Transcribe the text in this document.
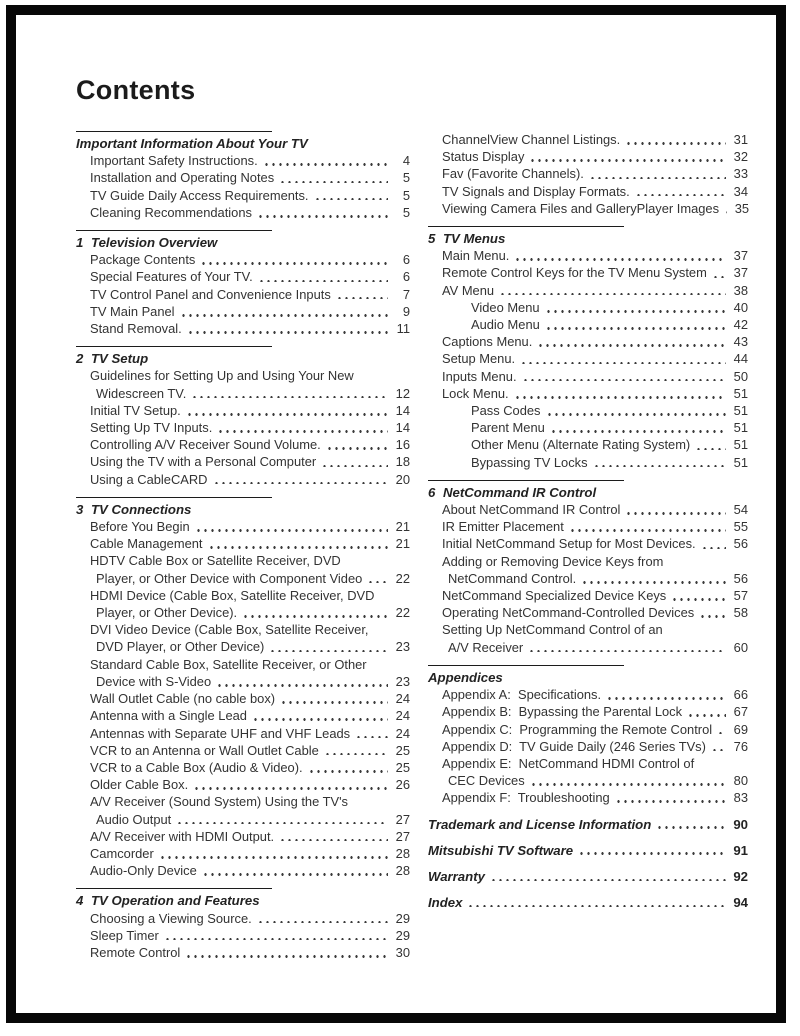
Contents
Important Information About Your TV
Important Safety Instructions.	4
Installation and Operating Notes	5
TV Guide Daily Access Requirements.	5
Cleaning Recommendations	5
1 Television Overview
Package Contents	6
Special Features of Your TV.	6
TV Control Panel and Convenience Inputs	7
TV Main Panel	9
Stand Removal.	11
2 TV Setup
Guidelines for Setting Up and Using Your New
Widescreen TV.	12
Initial TV Setup.	14
Setting Up TV Inputs.	14
Controlling A/V Receiver Sound Volume.	16
Using the TV with a Personal Computer	18
Using a CableCARD	20
3 TV Connections
Before You Begin	21
Cable Management	21
HDTV Cable Box or Satellite Receiver, DVD
Player, or Other Device with Component Video	22
HDMI Device (Cable Box, Satellite Receiver, DVD
Player, or Other Device).	22
DVI Video Device (Cable Box, Satellite Receiver,
DVD Player, or Other Device)	23
Standard Cable Box, Satellite Receiver, or Other
Device with S-Video	23
Wall Outlet Cable (no cable box)	24
Antenna with a Single Lead	24
Antennas with Separate UHF and VHF Leads	24
VCR to an Antenna or Wall Outlet Cable	25
VCR to a Cable Box (Audio & Video).	25
Older Cable Box.	26
A/V Receiver (Sound System) Using the TV's
Audio Output	27
A/V Receiver with HDMI Output.	27
Camcorder	28
Audio-Only Device	28
4 TV Operation and Features
Choosing a Viewing Source.	29
Sleep Timer	29
Remote Control	30
ChannelView Channel Listings.	31
Status Display	32
Fav (Favorite Channels).	33
TV Signals and Display Formats.	34
Viewing Camera Files and GalleryPlayer Images 35
5 TV Menus
Main Menu.	37
Remote Control Keys for the TV Menu System 37
AV Menu	38
Video Menu	40
Audio Menu	42
Captions Menu.	43
Setup Menu.	44
Inputs Menu.	50
Lock Menu.	51
Pass Codes	51
Parent Menu	51
Other Menu (Alternate Rating System)	51
Bypassing TV Locks	51
6 NetCommand IR Control
About NetCommand IR Control	54
IR Emitter Placement	55
Initial NetCommand Setup for Most Devices.	56
Adding or Removing Device Keys from
NetCommand Control.	56
NetCommand Specialized Device Keys	57
Operating NetCommand-Controlled Devices	58
Setting Up NetCommand Control of an
A/V Receiver	60
Appendices
Appendix A:  Specifications.	66
Appendix B:  Bypassing the Parental Lock	67
Appendix C:  Programming the Remote Control 69
Appendix D:  TV Guide Daily (246 Series TVs) 76
Appendix E:  NetCommand HDMI Control of
CEC Devices	80
Appendix F:  Troubleshooting	83
Trademark and License Information	90
Mitsubishi TV Software	91
Warranty	92
Index	94
